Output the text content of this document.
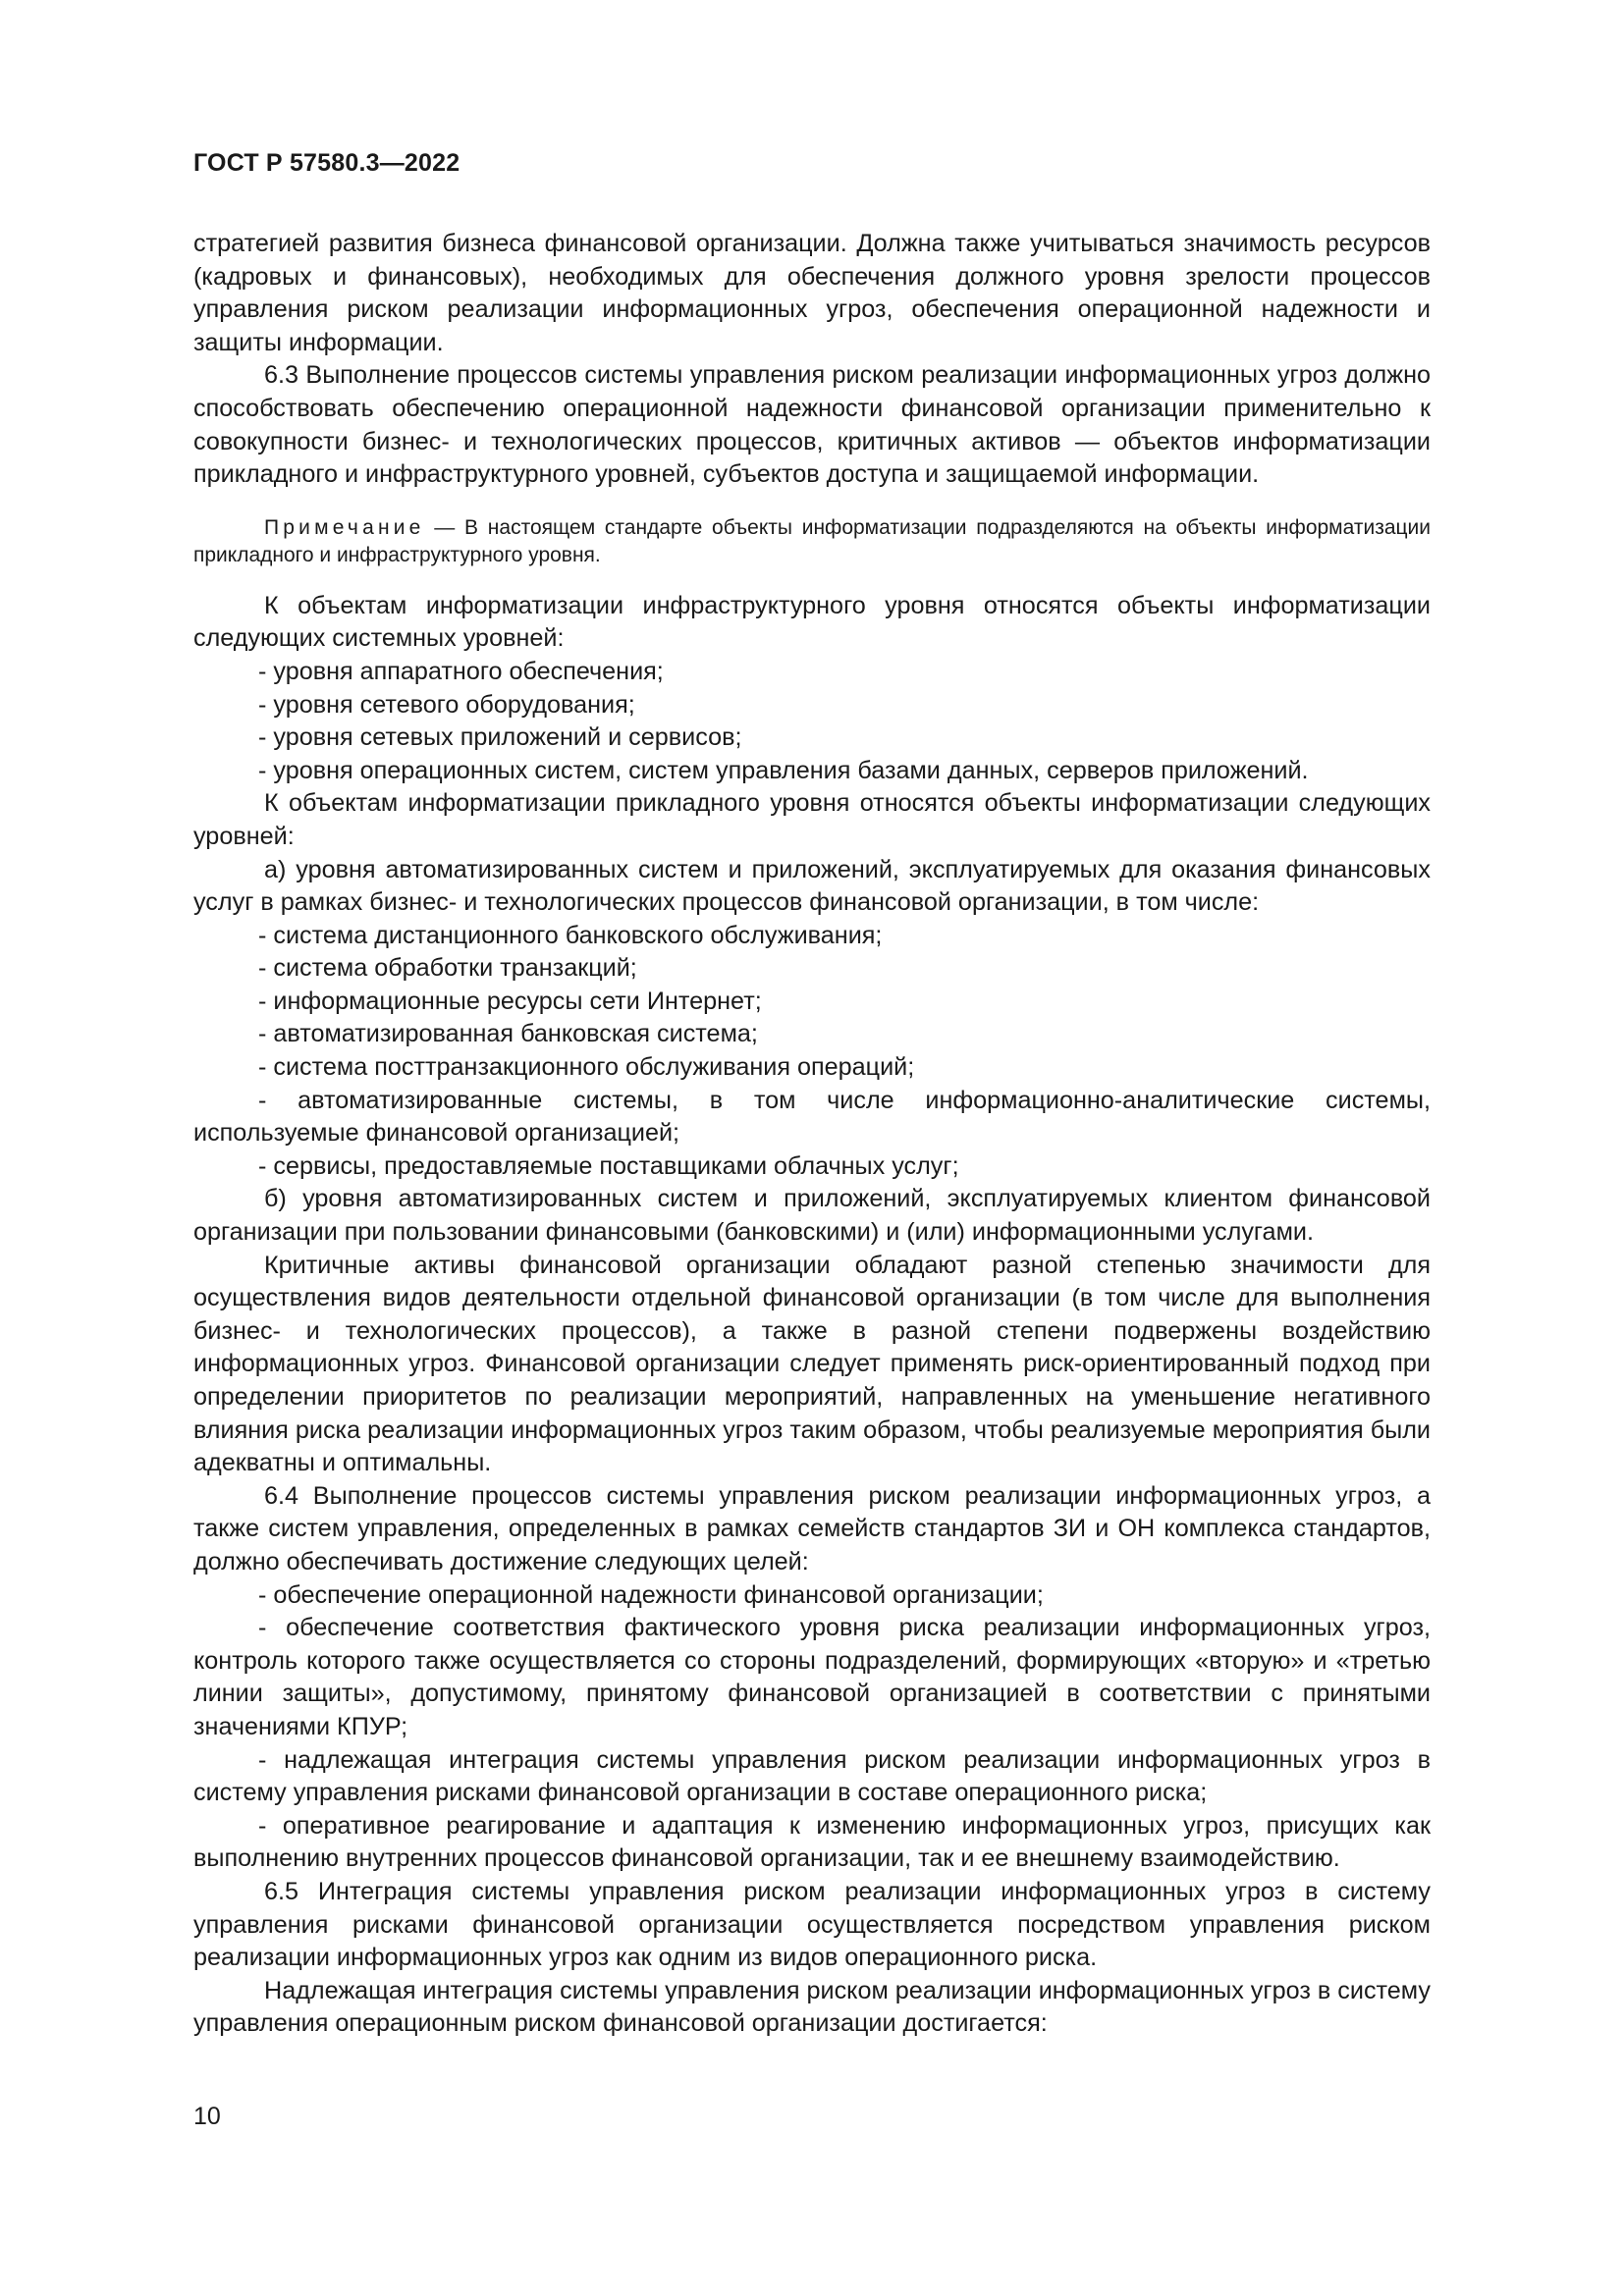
ГОСТ Р 57580.3—2022

стратегией развития бизнеса финансовой организации. Должна также учитываться значимость ресурсов (кадровых и финансовых), необходимых для обеспечения должного уровня зрелости процессов управления риском реализации информационных угроз, обеспечения операционной надежности и защиты информации.

6.3 Выполнение процессов системы управления риском реализации информационных угроз должно способствовать обеспечению операционной надежности финансовой организации применительно к совокупности бизнес- и технологических процессов, критичных активов — объектов информатизации прикладного и инфраструктурного уровней, субъектов доступа и защищаемой информации.

Примечание — В настоящем стандарте объекты информатизации подразделяются на объекты информатизации прикладного и инфраструктурного уровня.

К объектам информатизации инфраструктурного уровня относятся объекты информатизации следующих системных уровней:

- уровня аппаратного обеспечения;

- уровня сетевого оборудования;

- уровня сетевых приложений и сервисов;

- уровня операционных систем, систем управления базами данных, серверов приложений.

К объектам информатизации прикладного уровня относятся объекты информатизации следующих уровней:

а) уровня автоматизированных систем и приложений, эксплуатируемых для оказания финансовых услуг в рамках бизнес- и технологических процессов финансовой организации, в том числе:

- система дистанционного банковского обслуживания;

- система обработки транзакций;

- информационные ресурсы сети Интернет;

- автоматизированная банковская система;

- система посттранзакционного обслуживания операций;

- автоматизированные системы, в том числе информационно-аналитические системы, используемые финансовой организацией;

- сервисы, предоставляемые поставщиками облачных услуг;

б) уровня автоматизированных систем и приложений, эксплуатируемых клиентом финансовой организации при пользовании финансовыми (банковскими) и (или) информационными услугами.

Критичные активы финансовой организации обладают разной степенью значимости для осуществления видов деятельности отдельной финансовой организации (в том числе для выполнения бизнес- и технологических процессов), а также в разной степени подвержены воздействию информационных угроз. Финансовой организации следует применять риск-ориентированный подход при определении приоритетов по реализации мероприятий, направленных на уменьшение негативного влияния риска реализации информационных угроз таким образом, чтобы реализуемые мероприятия были адекватны и оптимальны.

6.4 Выполнение процессов системы управления риском реализации информационных угроз, а также систем управления, определенных в рамках семейств стандартов ЗИ и ОН комплекса стандартов, должно обеспечивать достижение следующих целей:

- обеспечение операционной надежности финансовой организации;

- обеспечение соответствия фактического уровня риска реализации информационных угроз, контроль которого также осуществляется со стороны подразделений, формирующих «вторую» и «третью линии защиты», допустимому, принятому финансовой организацией в соответствии с принятыми значениями КПУР;

- надлежащая интеграция системы управления риском реализации информационных угроз в систему управления рисками финансовой организации в составе операционного риска;

- оперативное реагирование и адаптация к изменению информационных угроз, присущих как выполнению внутренних процессов финансовой организации, так и ее внешнему взаимодействию.

6.5 Интеграция системы управления риском реализации информационных угроз в систему управления рисками финансовой организации осуществляется посредством управления риском реализации информационных угроз как одним из видов операционного риска.

Надлежащая интеграция системы управления риском реализации информационных угроз в систему управления операционным риском финансовой организации достигается:

10
